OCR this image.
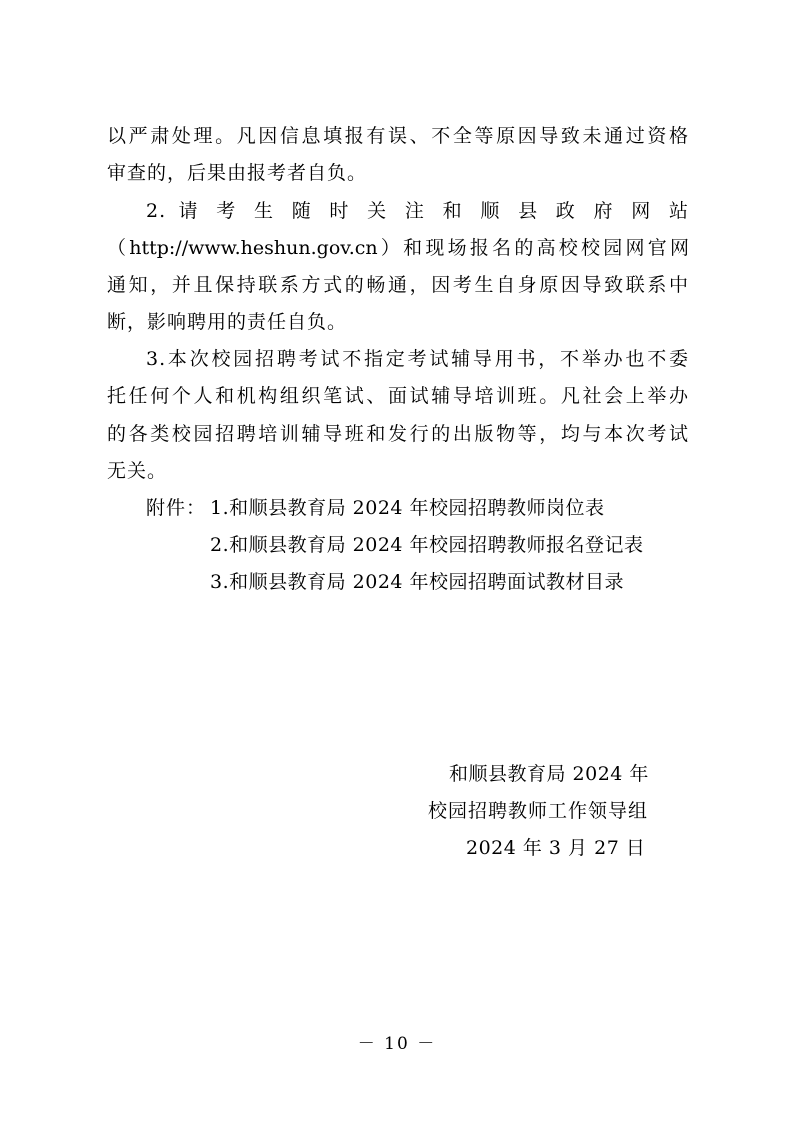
以严肃处理。凡因信息填报有误、不全等原因导致未通过资格
审查的，后果由报考者自负。
2. 请 考 生 随 时 关 注 和 顺 县 政 府 网 站
（http://www.heshun.gov.cn）和现场报名的高校校园网官网
通知，并且保持联系方式的畅通，因考生自身原因导致联系中
断，影响聘用的责任自负。
3.本次校园招聘考试不指定考试辅导用书，不举办也不委
托任何个人和机构组织笔试、面试辅导培训班。凡社会上举办
的各类校园招聘培训辅导班和发行的出版物等，均与本次考试
无关。
附件： 1.和顺县教育局 2024 年校园招聘教师岗位表
2.和顺县教育局 2024 年校园招聘教师报名登记表
3.和顺县教育局 2024 年校园招聘面试教材目录
和顺县教育局 2024 年
校园招聘教师工作领导组
2024 年 3 月 27 日
－ 10 －
